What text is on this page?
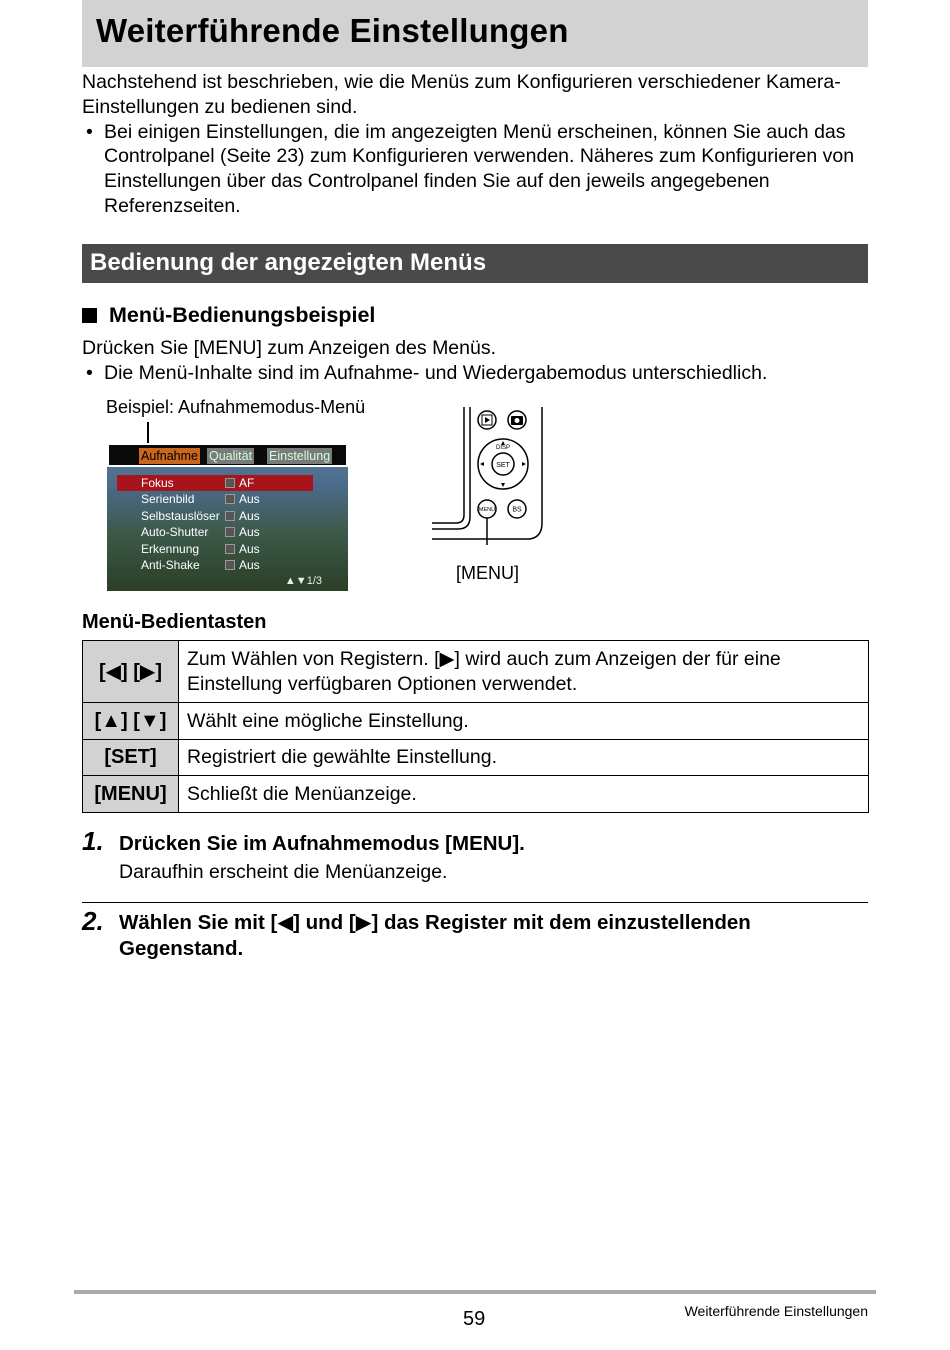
Weiterführende Einstellungen

Nachstehend ist beschrieben, wie die Menüs zum Konfigurieren verschiedener Kamera-Einstellungen zu bedienen sind.

• Bei einigen Einstellungen, die im angezeigten Menü erscheinen, können Sie auch das Controlpanel (Seite 23) zum Konfigurieren verwenden. Näheres zum Konfigurieren von Einstellungen über das Controlpanel finden Sie auf den jeweils angegebenen Referenzseiten.

Bedienung der angezeigten Menüs
Menü-Bedienungsbeispiel

Drücken Sie [MENU] zum Anzeigen des Menüs.

• Die Menü-Inhalte sind im Aufnahme- und Wiedergabemodus unterschiedlich.

Beispiel: Aufnahmemodus-Menü
Aufnahme Qualität Einstellung
Fokus	AF
Serienbild	Aus
Selbstauslöser Aus
Auto-Shutter	Aus
Erkennung	Aus
Anti-Shake	Aus
▲▼1/3
DISP
SET
MENU BS
[MENU]
Menü-Bedientasten
[◀] [▶]	Zum Wählen von Registern. [▶] wird auch zum Anzeigen der für eine Einstellung verfügbaren Optionen verwendet.
[▲] [▼]	Wählt eine mögliche Einstellung.
[SET]	Registriert die gewählte Einstellung.
[MENU]	Schließt die Menüanzeige.
1. Drücken Sie im Aufnahmemodus [MENU].
Daraufhin erscheint die Menüanzeige.
2. Wählen Sie mit [◀] und [▶] das Register mit dem einzustellenden Gegenstand.
59	Weiterführende Einstellungen
